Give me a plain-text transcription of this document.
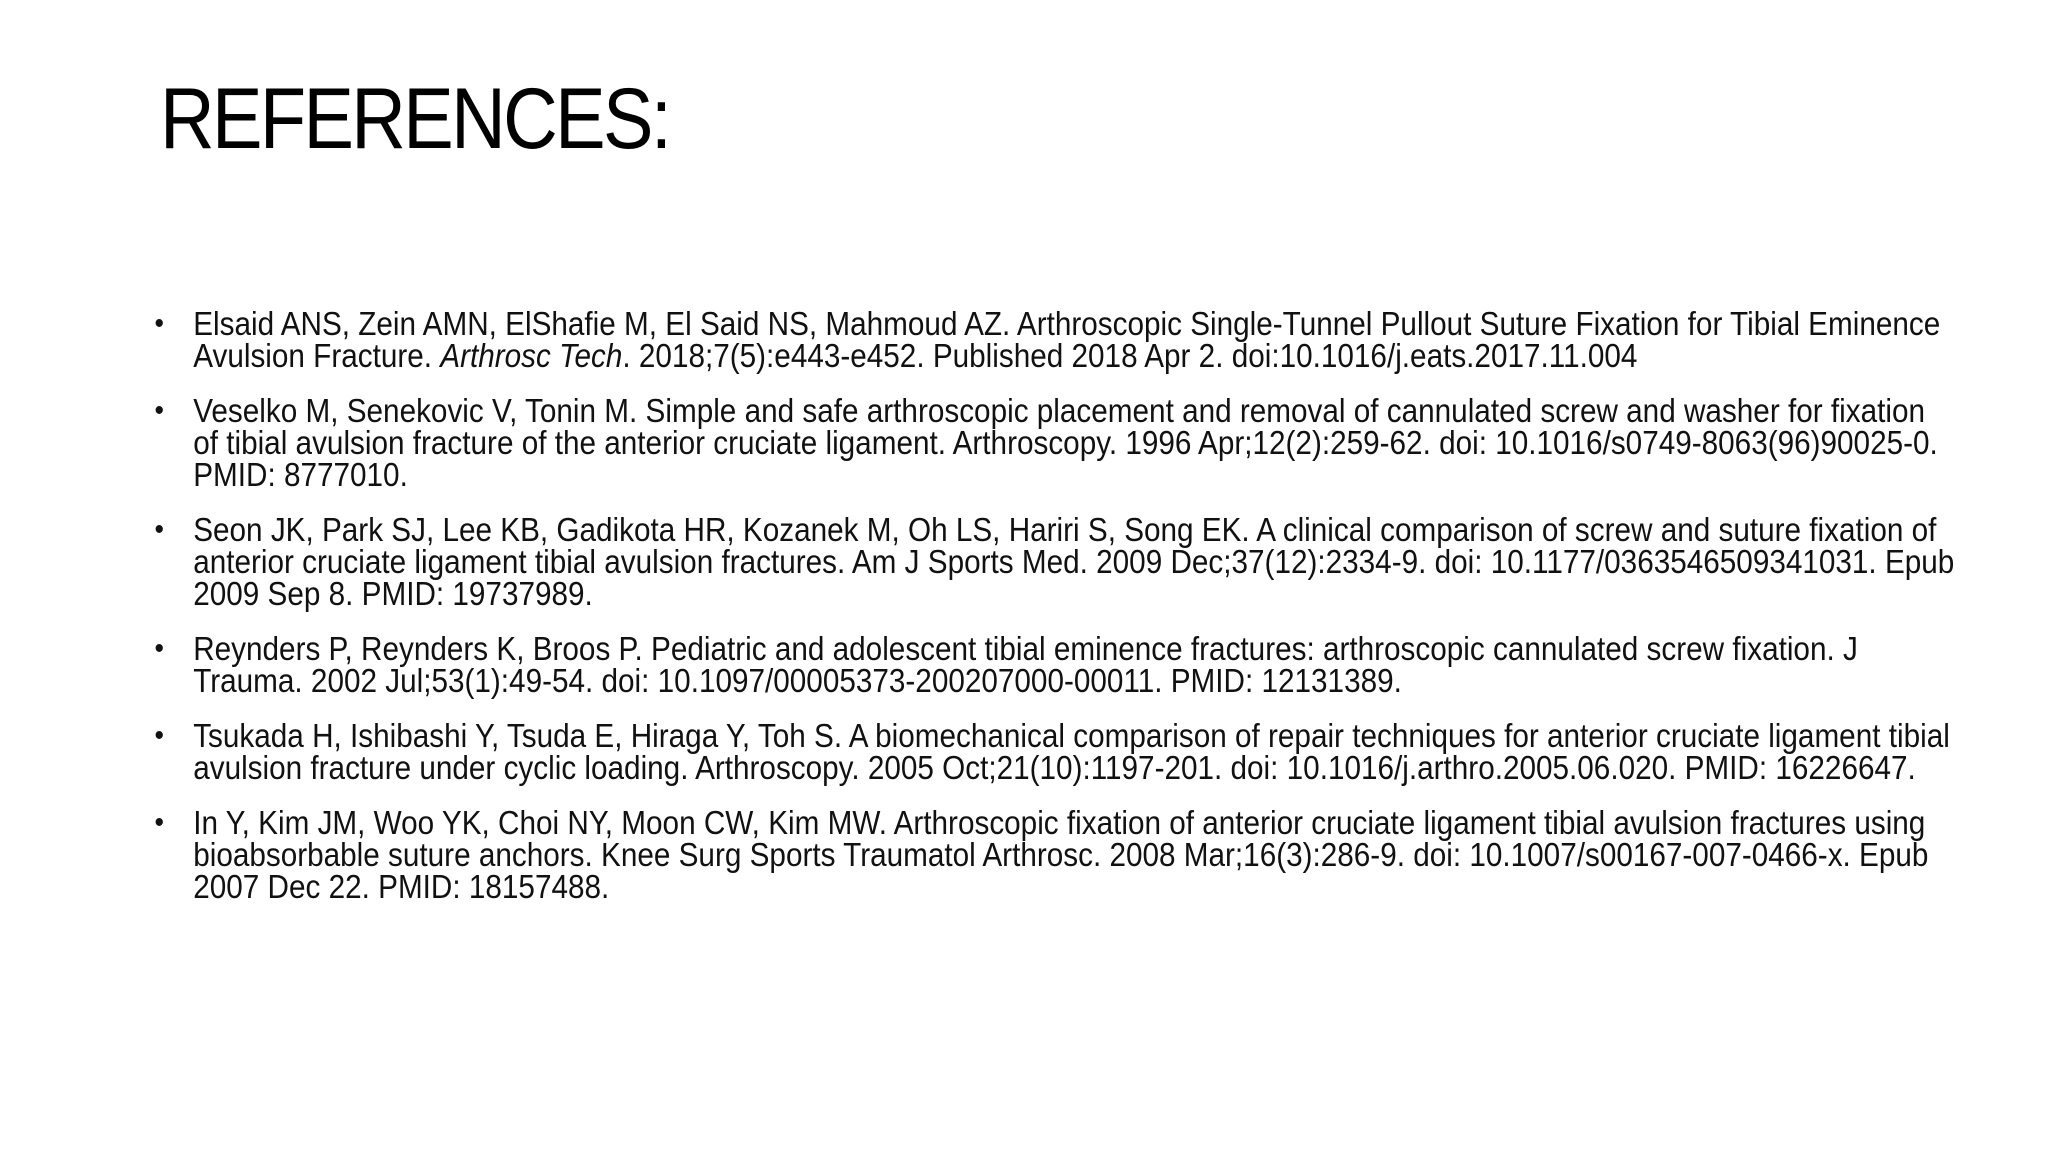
REFERENCES:
• Elsaid ANS, Zein AMN, ElShafie M, El Said NS, Mahmoud AZ. Arthroscopic Single-Tunnel Pullout Suture Fixation for Tibial Eminence Avulsion Fracture. Arthrosc Tech. 2018;7(5):e443-e452. Published 2018 Apr 2. doi:10.1016/j.eats.2017.11.004
• Veselko M, Senekovic V, Tonin M. Simple and safe arthroscopic placement and removal of cannulated screw and washer for fixation of tibial avulsion fracture of the anterior cruciate ligament. Arthroscopy. 1996 Apr;12(2):259-62. doi: 10.1016/s0749-8063(96)90025-0. PMID: 8777010.
• Seon JK, Park SJ, Lee KB, Gadikota HR, Kozanek M, Oh LS, Hariri S, Song EK. A clinical comparison of screw and suture fixation of anterior cruciate ligament tibial avulsion fractures. Am J Sports Med. 2009 Dec;37(12):2334-9. doi: 10.1177/0363546509341031. Epub 2009 Sep 8. PMID: 19737989.
• Reynders P, Reynders K, Broos P. Pediatric and adolescent tibial eminence fractures: arthroscopic cannulated screw fixation. J Trauma. 2002 Jul;53(1):49-54. doi: 10.1097/00005373-200207000-00011. PMID: 12131389.
• Tsukada H, Ishibashi Y, Tsuda E, Hiraga Y, Toh S. A biomechanical comparison of repair techniques for anterior cruciate ligament tibial avulsion fracture under cyclic loading. Arthroscopy. 2005 Oct;21(10):1197-201. doi: 10.1016/j.arthro.2005.06.020. PMID: 16226647.
• In Y, Kim JM, Woo YK, Choi NY, Moon CW, Kim MW. Arthroscopic fixation of anterior cruciate ligament tibial avulsion fractures using bioabsorbable suture anchors. Knee Surg Sports Traumatol Arthrosc. 2008 Mar;16(3):286-9. doi: 10.1007/s00167-007-0466-x. Epub 2007 Dec 22. PMID: 18157488.
